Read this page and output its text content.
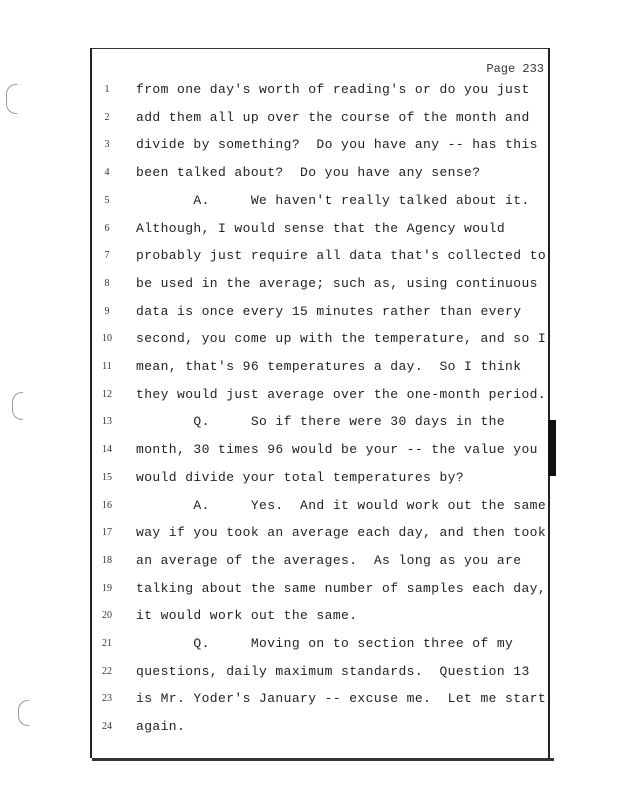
Page 233
1	from one day's worth of reading's or do you just
2	add them all up over the course of the month and
3	divide by something?  Do you have any -- has this
4	been talked about?  Do you have any sense?
5	A.     We haven't really talked about it.
6	Although, I would sense that the Agency would
7	probably just require all data that's collected to
8	be used in the average; such as, using continuous
9	data is once every 15 minutes rather than every
10 second, you come up with the temperature, and so I
11 mean, that's 96 temperatures a day.  So I think
12 they would just average over the one-month period.
13 Q.     So if there were 30 days in the
14 month, 30 times 96 would be your -- the value you
15 would divide your total temperatures by?
16 A.     Yes.  And it would work out the same
17 way if you took an average each day, and then took
18 an average of the averages.  As long as you are
19 talking about the same number of samples each day,
20 it would work out the same.
21 Q.     Moving on to section three of my
22 questions, daily maximum standards.  Question 13
23 is Mr. Yoder's January -- excuse me.  Let me start
24 again.
